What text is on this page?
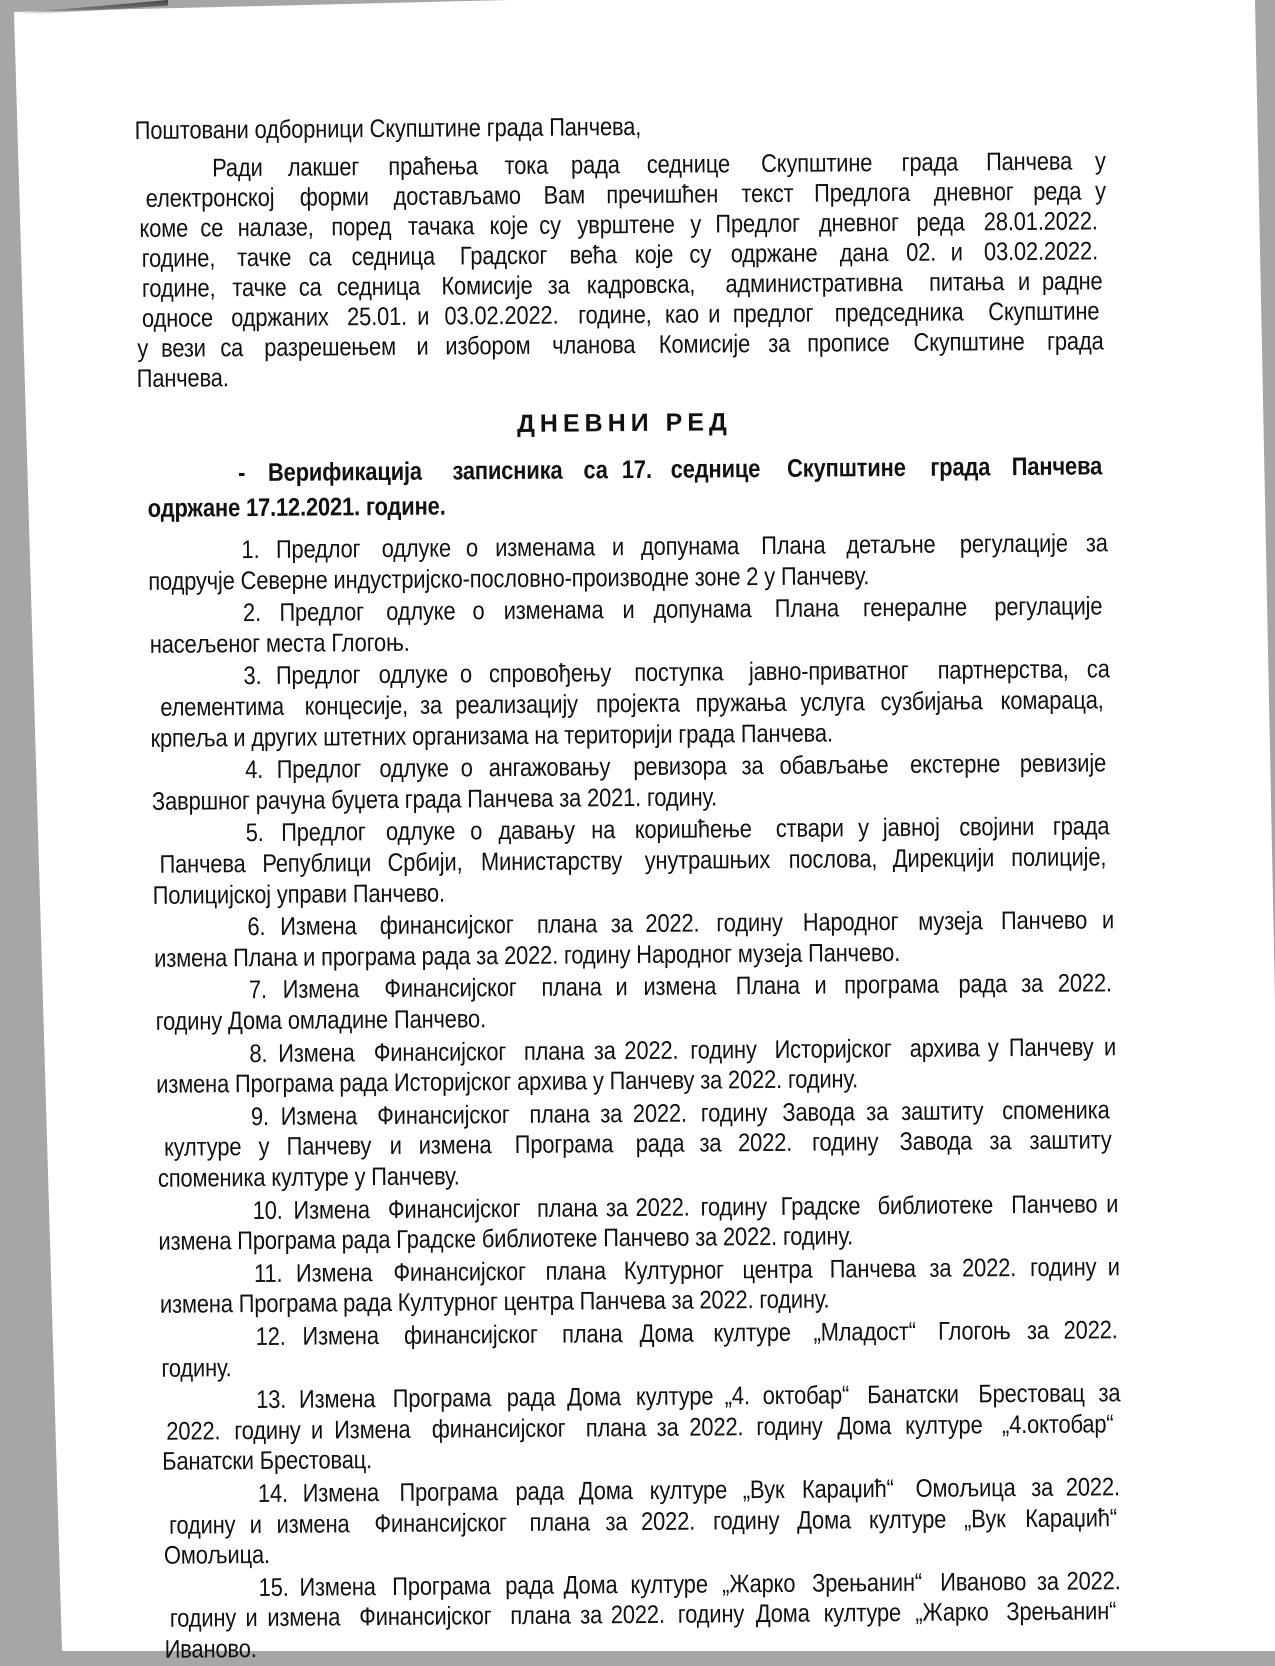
Поштовани одборници Скупштине града Панчева,
Ради лакшег праћења тока рада седнице Скупштине града Панчева у
електронској форми достављамо Вам пречишћен текст Предлога дневног реда у
коме се налазе, поред тачака које су уврштене у Предлог дневног реда 28.01.2022.
године, тачке са седница Градског већа које су одржане дана 02. и 03.02.2022.
године, тачке са седница Комисије за кадровска, административна питања и радне
односе одржаних 25.01. и 03.02.2022. године, као и предлог председника Скупштине
у вези са разрешењем и избором чланова Комисије за прописе Скупштине града
Панчева.
ДНЕВНИ РЕД
- Верификација записника са 17. седнице Скупштине града Панчева
одржане 17.12.2021. године.
1. Предлог одлуке о изменама и допунама Плана детаљне регулације за
подручје Северне индустријско-пословно-производне зоне 2 у Панчеву.
2. Предлог одлуке о изменама и допунама Плана генералне регулације
насељеног места Глогоњ.
3. Предлог одлуке о спровођењу поступка јавно-приватног партнерства, са
елементима концесије, за реализацију пројекта пружања услуга сузбијања комараца,
крпеља и других штетних организама на територији града Панчева.
4. Предлог одлуке о ангажовању ревизора за обављање екстерне ревизије
Завршног рачуна буџета града Панчева за 2021. годину.
5. Предлог одлуке о давању на коришћење ствари у јавној својини града
Панчева Републици Србији, Министарству унутрашњих послова, Дирекцији полиције,
Полицијској управи Панчево.
6. Измена финансијског плана за 2022. годину Народног музеја Панчево и
измена Плана и програма рада за 2022. годину Народног музеја Панчево.
7. Измена Финансијског плана и измена Плана и програма рада за 2022.
годину Дома омладине Панчево.
8. Измена Финансијског плана за 2022. годину Историјског архива у Панчеву и
измена Програма рада Историјског архива у Панчеву за 2022. годину.
9. Измена Финансијског плана за 2022. годину Завода за заштиту споменика
културе у Панчеву и измена Програма рада за 2022. годину Завода за заштиту
споменика културе у Панчеву.
10. Измена Финансијског плана за 2022. годину Градске библиотеке Панчево и
измена Програма рада Градске библиотеке Панчево за 2022. годину.
11. Измена Финансијског плана Културног центра Панчева за 2022. годину и
измена Програма рада Културног центра Панчева за 2022. годину.
12. Измена финансијског плана Дома културе „Младост“ Глогоњ за 2022.
годину.
13. Измена Програма рада Дома културе „4. октобар“ Банатски Брестовац за
2022. годину и Измена финансијског плана за 2022. годину Дома културе „4.октобар“
Банатски Брестовац.
14. Измена Програма рада Дома културе „Вук Караџић“ Омољица за 2022.
годину и измена Финансијског плана за 2022. годину Дома културе „Вук Караџић“
Омољица.
15. Измена Програма рада Дома културе „Жарко Зрењанин“ Иваново за 2022.
годину и измена Финансијског плана за 2022. годину Дома културе „Жарко Зрењанин“
Иваново.
